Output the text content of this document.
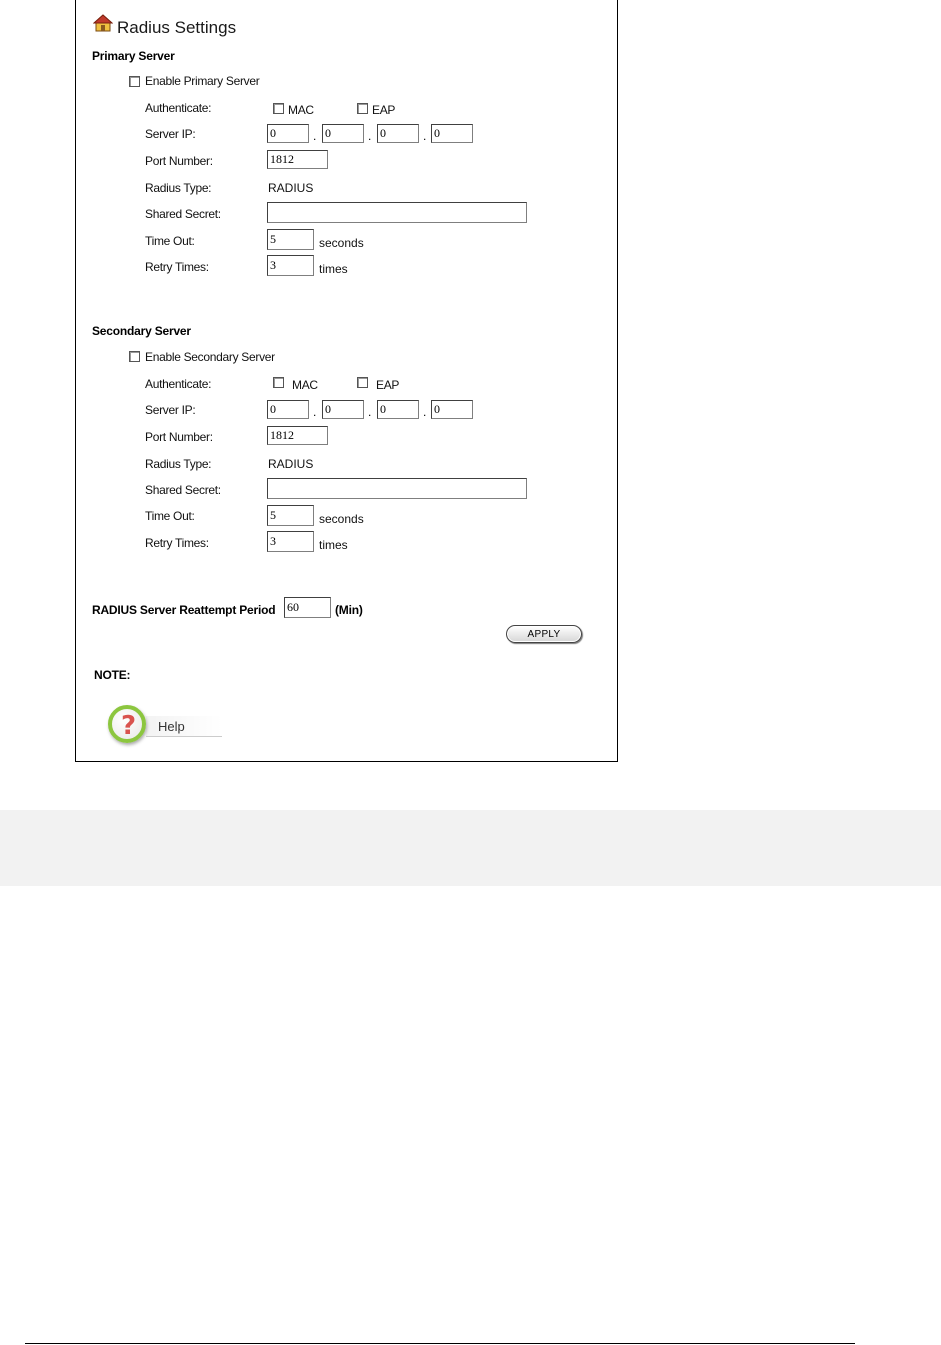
Radius Settings
Primary Server
Enable Primary Server
Authenticate:	MAC	EAP
Server IP:
0	.
0	.
0	.
0
Port Number:
1812
Radius Type:	RADIUS
Shared Secret:
Time Out:
5	seconds
Retry Times:
3	times
Secondary Server
Enable Secondary Server
Authenticate:	MAC	EAP
Server IP:
0	.
0	.
0	.
0
Port Number:
1812
Radius Type:	RADIUS
Shared Secret:
Time Out:
5	seconds
Retry Times:
3	times
RADIUS Server Reattempt Period
60	(Min)
APPLY
NOTE:
? Help
